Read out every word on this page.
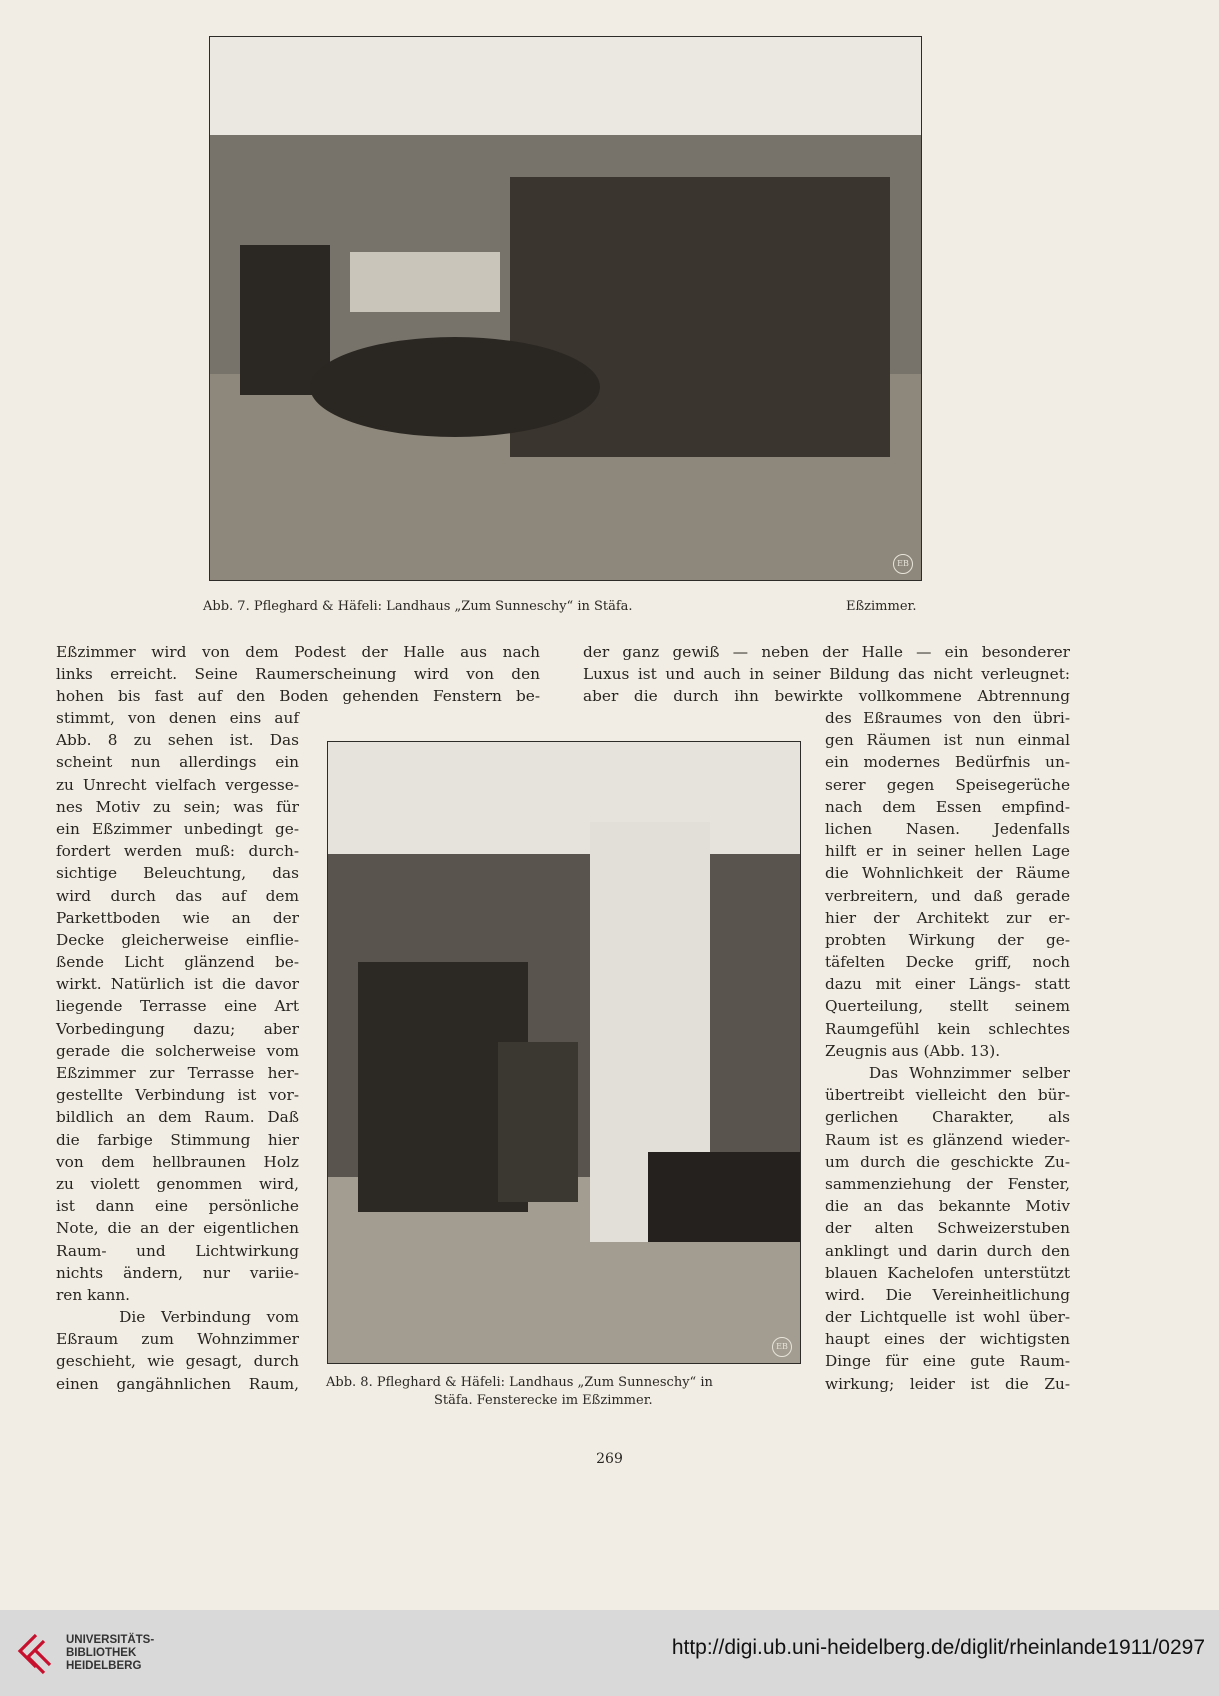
EB
Abb. 7. Pfleghard & Häfeli: Landhaus „Zum Sunneschy“ in Stäfa.	Eßzimmer.
Eßzimmer wird von dem Podest der Halle aus nach
links erreicht. Seine Raumerscheinung wird von den
hohen bis fast auf den Boden gehenden Fenstern be-
der ganz gewiß — neben der Halle — ein besonderer
Luxus ist und auch in seiner Bildung das nicht verleugnet:
aber die durch ihn bewirkte vollkommene Abtrennung
EB
Abb. 8. Pfleghard & Häfeli: Landhaus „Zum Sunneschy“ in
Stäfa. Fensterecke im Eßzimmer.
stimmt, von denen eins auf
Abb. 8 zu sehen ist. Das
scheint nun allerdings ein
zu Unrecht vielfach vergesse-
nes Motiv zu sein; was für
ein Eßzimmer unbedingt ge-
fordert werden muß: durch-
sichtige Beleuchtung, das
wird durch das auf dem
Parkettboden wie an der
Decke gleicherweise einflie-
ßende Licht glänzend be-
wirkt. Natürlich ist die davor
liegende Terrasse eine Art
Vorbedingung dazu; aber
gerade die solcherweise vom
Eßzimmer zur Terrasse her-
gestellte Verbindung ist vor-
bildlich an dem Raum. Daß
die farbige Stimmung hier
von dem hellbraunen Holz
zu violett genommen wird,
ist dann eine persönliche
Note, die an der eigentlichen
Raum- und Lichtwirkung
nichts ändern, nur variie-
ren kann.
Die Verbindung vom
Eßraum zum Wohnzimmer
geschieht, wie gesagt, durch
einen gangähnlichen Raum,
des Eßraumes von den übri-
gen Räumen ist nun einmal
ein modernes Bedürfnis un-
serer gegen Speisegerüche
nach dem Essen empfind-
lichen Nasen. Jedenfalls
hilft er in seiner hellen Lage
die Wohnlichkeit der Räume
verbreitern, und daß gerade
hier der Architekt zur er-
probten Wirkung der ge-
täfelten Decke griff, noch
dazu mit einer Längs- statt
Querteilung, stellt seinem
Raumgefühl kein schlechtes
Zeugnis aus (Abb. 13).
Das Wohnzimmer selber
übertreibt vielleicht den bür-
gerlichen Charakter, als
Raum ist es glänzend wieder-
um durch die geschickte Zu-
sammenziehung der Fenster,
die an das bekannte Motiv
der alten Schweizerstuben
anklingt und darin durch den
blauen Kachelofen unterstützt
wird. Die Vereinheitlichung
der Lichtquelle ist wohl über-
haupt eines der wichtigsten
Dinge für eine gute Raum-
wirkung; leider ist die Zu-
269
UNIVERSITÄTS-
BIBLIOTHEK
HEIDELBERG
http://digi.ub.uni-heidelberg.de/diglit/rheinlande1911/0297
